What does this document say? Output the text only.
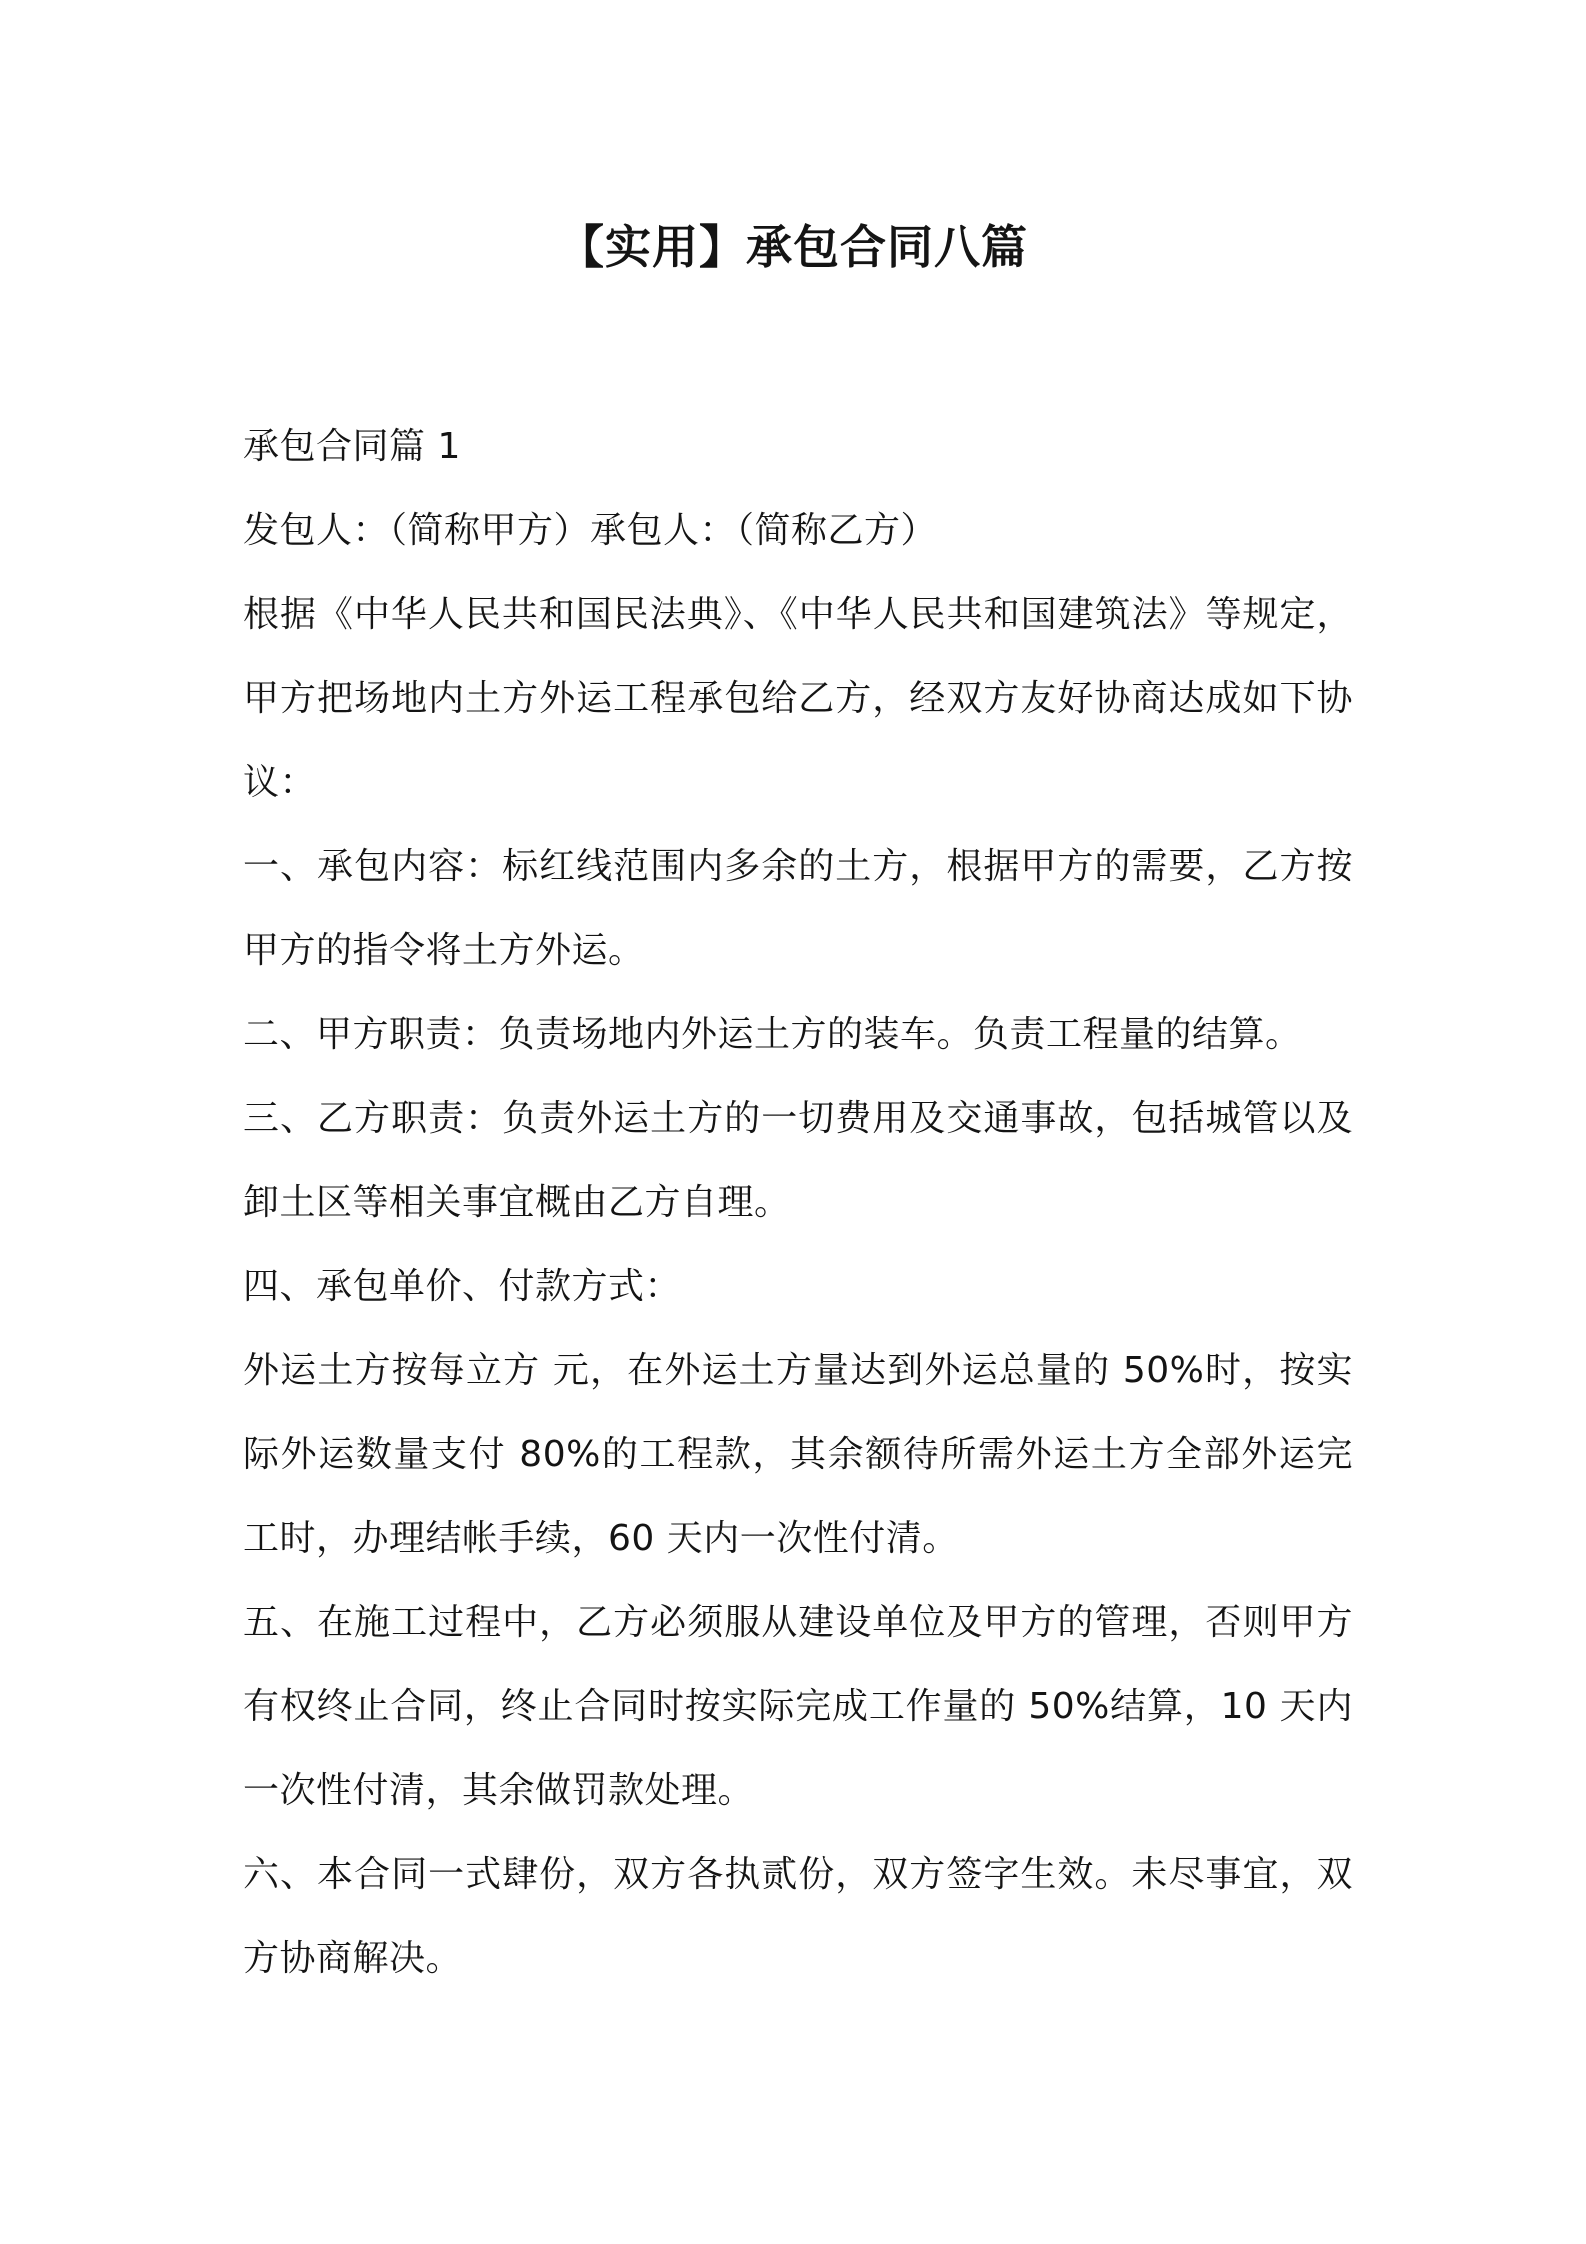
【实用】承包合同八篇

承包合同篇 1

发包人：（简称甲方）承包人：（简称乙方）

根据《中华人民共和国民法典》、《中华人民共和国建筑法》等规定，

甲方把场地内土方外运工程承包给乙方，经双方友好协商达成如下协

议：

一、承包内容：标红线范围内多余的土方，根据甲方的需要，乙方按

甲方的指令将土方外运。

二、甲方职责：负责场地内外运土方的装车。负责工程量的结算。

三、乙方职责：负责外运土方的一切费用及交通事故，包括城管以及

卸土区等相关事宜概由乙方自理。

四、承包单价、付款方式：

外运土方按每立方 元，在外运土方量达到外运总量的 50%时，按实

际外运数量支付 80%的工程款，其余额待所需外运土方全部外运完

工时，办理结帐手续，60 天内一次性付清。

五、在施工过程中，乙方必须服从建设单位及甲方的管理，否则甲方

有权终止合同，终止合同时按实际完成工作量的 50%结算，10 天内

一次性付清，其余做罚款处理。

六、本合同一式肆份，双方各执贰份，双方签字生效。未尽事宜，双

方协商解决。
